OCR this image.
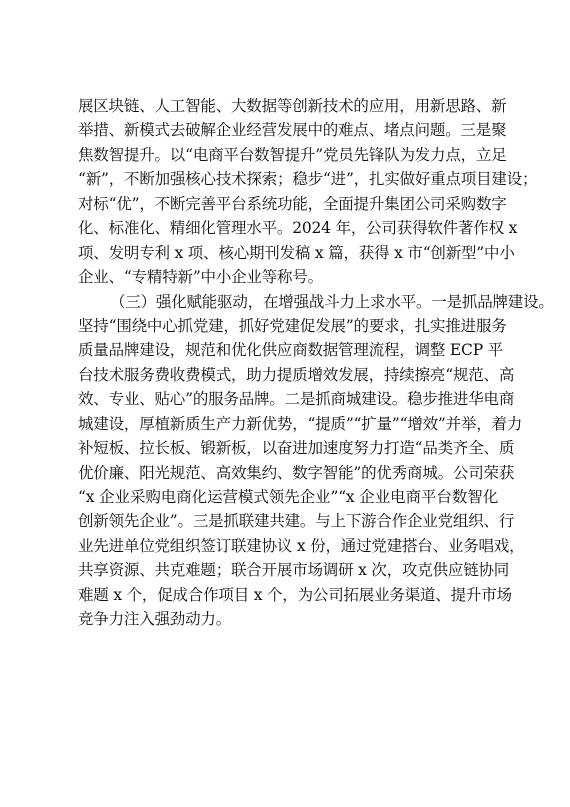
展区块链、人工智能、大数据等创新技术的应用，用新思路、新
举措、新模式去破解企业经营发展中的难点、堵点问题。三是聚
焦数智提升。以“电商平台数智提升”党员先锋队为发力点，立足
“新”，不断加强核心技术探索；稳步“进”，扎实做好重点项目建设；
对标“优”，不断完善平台系统功能，全面提升集团公司采购数字
化、标准化、精细化管理水平。2024 年，公司获得软件著作权 x
项、发明专利 x 项、核心期刊发稿 x 篇，获得 x 市“创新型”中小
企业、“专精特新”中小企业等称号。
（三）强化赋能驱动，在增强战斗力上求水平。一是抓品牌建设。
坚持“围绕中心抓党建，抓好党建促发展”的要求，扎实推进服务
质量品牌建设，规范和优化供应商数据管理流程，调整 ECP 平
台技术服务费收费模式，助力提质增效发展，持续擦亮“规范、高
效、专业、贴心”的服务品牌。二是抓商城建设。稳步推进华电商
城建设，厚植新质生产力新优势，“提质”“扩量”“增效”并举，着力
补短板、拉长板、锻新板，以奋进加速度努力打造“品类齐全、质
优价廉、阳光规范、高效集约、数字智能”的优秀商城。公司荣获
“x 企业采购电商化运营模式领先企业”“x 企业电商平台数智化
创新领先企业”。三是抓联建共建。与上下游合作企业党组织、行
业先进单位党组织签订联建协议 x 份，通过党建搭台、业务唱戏，
共享资源、共克难题；联合开展市场调研 x 次，攻克供应链协同
难题 x 个，促成合作项目 x 个，为公司拓展业务渠道、提升市场
竞争力注入强劲动力。
